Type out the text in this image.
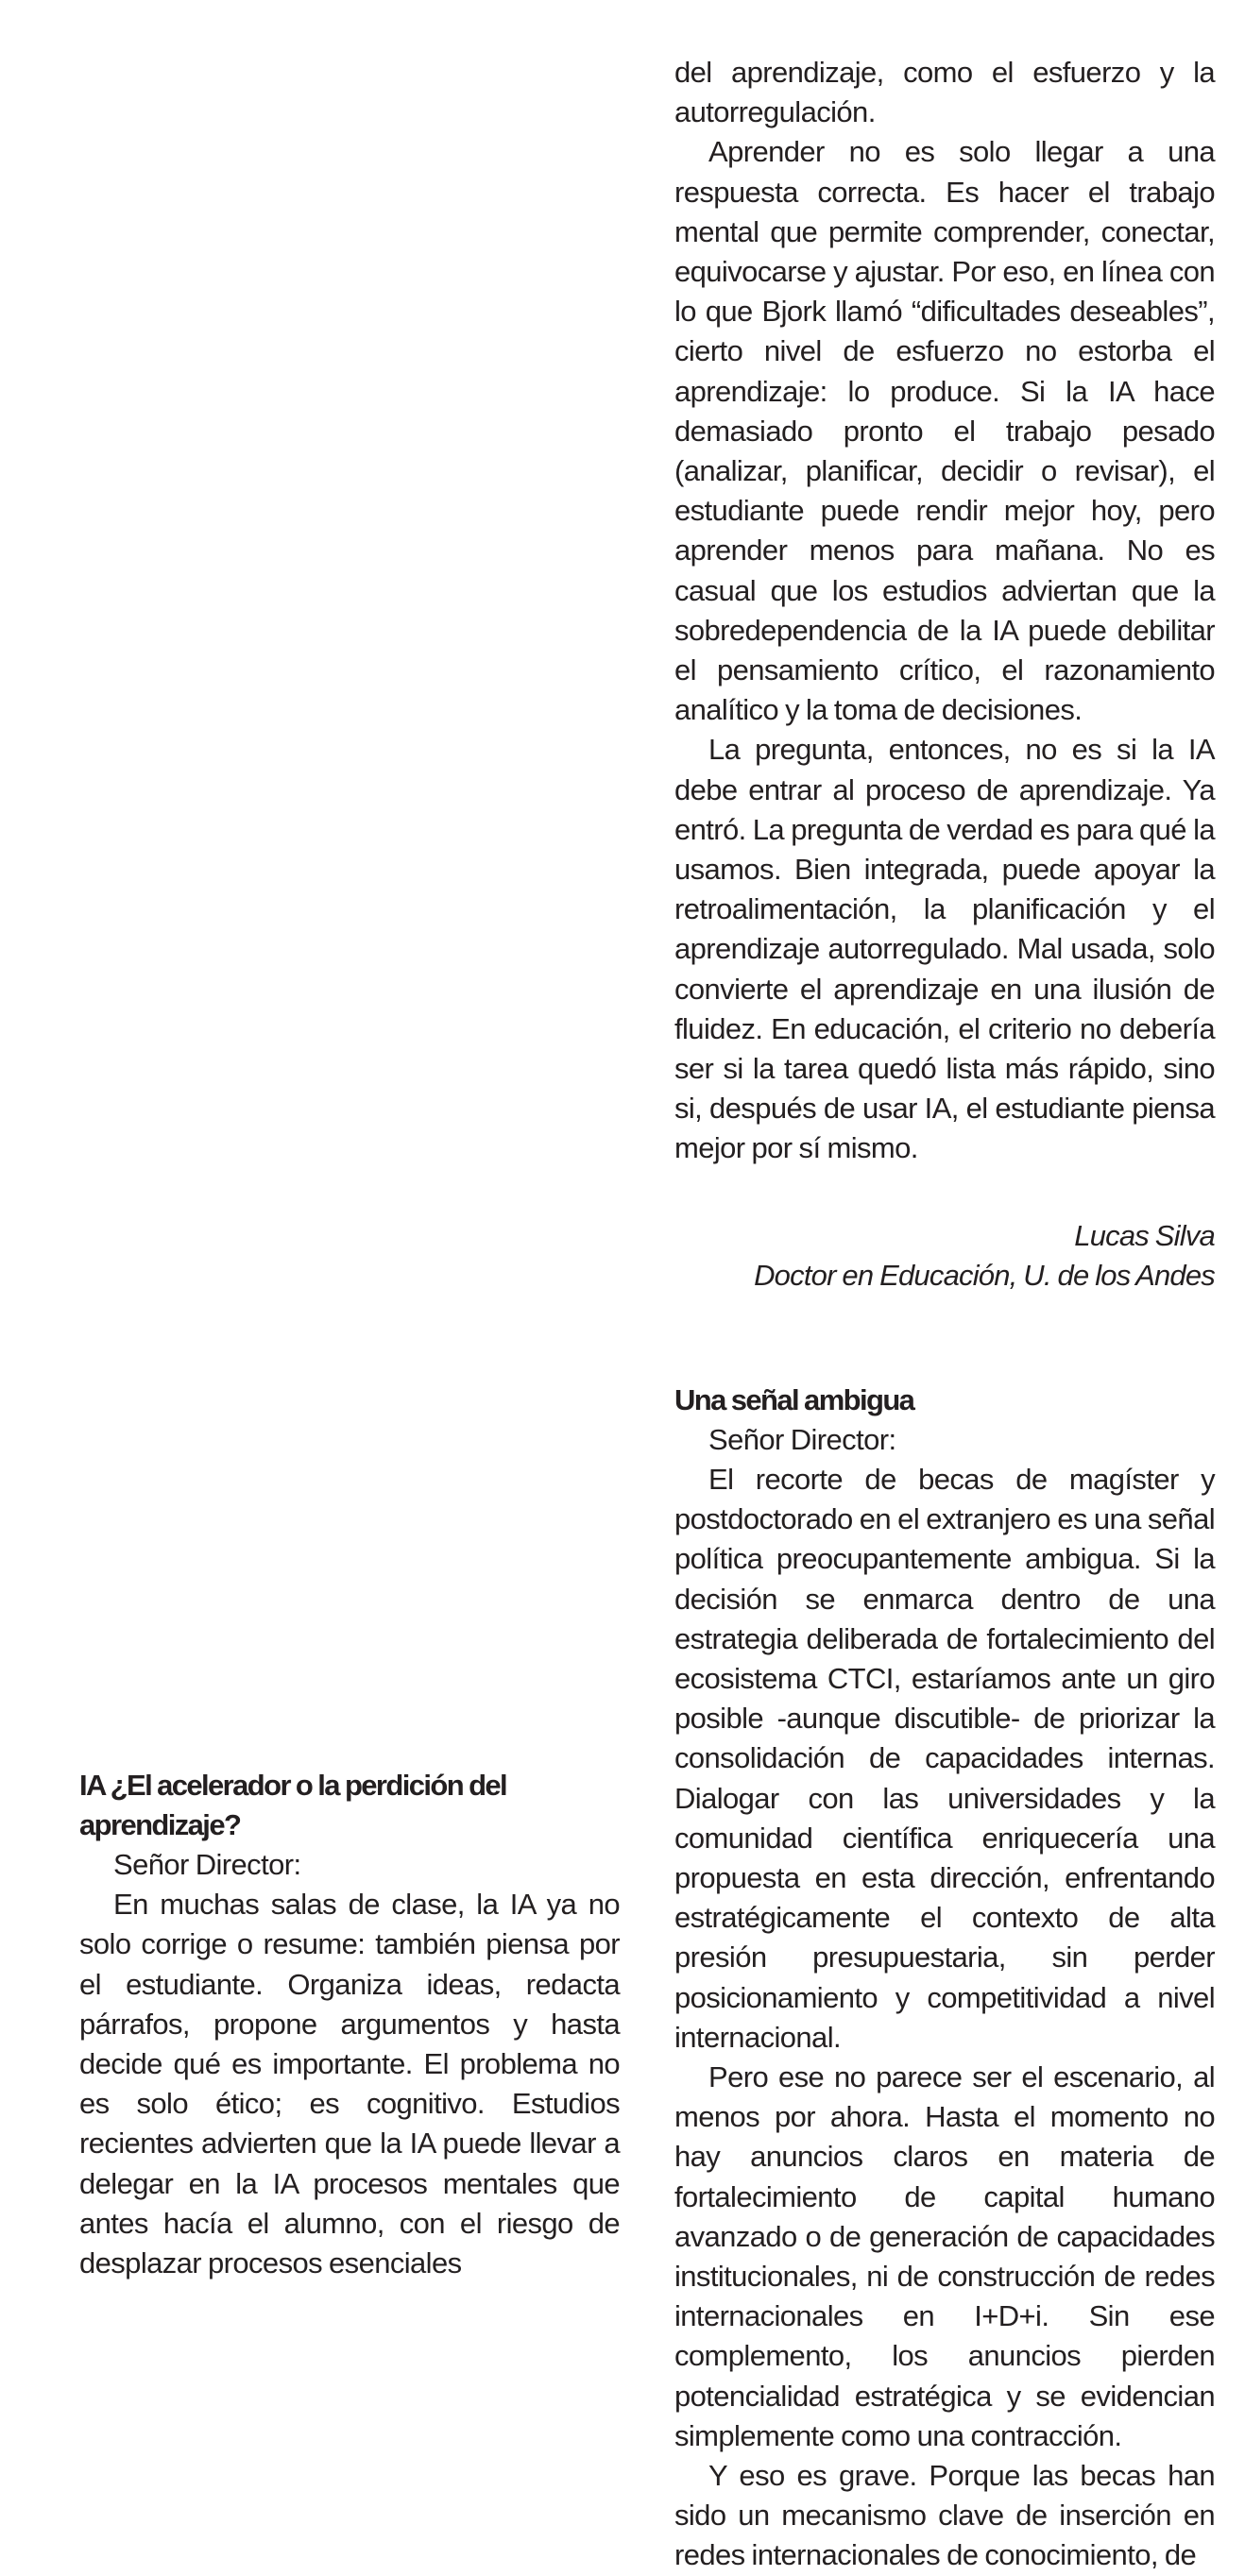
del aprendizaje, como el esfuerzo y la autorregulación.

Aprender no es solo llegar a una respuesta correcta. Es hacer el trabajo mental que permite comprender, conectar, equivocarse y ajustar. Por eso, en línea con lo que Bjork llamó “dificultades deseables”, cierto nivel de esfuerzo no estorba el aprendizaje: lo produce. Si la IA hace demasiado pronto el trabajo pesado (analizar, planificar, decidir o revisar), el estudiante puede rendir mejor hoy, pero aprender menos para mañana. No es casual que los estudios adviertan que la sobredependencia de la IA puede debilitar el pensamiento crítico, el razonamiento analítico y la toma de decisiones.

La pregunta, entonces, no es si la IA debe entrar al proceso de aprendizaje. Ya entró. La pregunta de verdad es para qué la usamos. Bien integrada, puede apoyar la retroalimentación, la planificación y el aprendizaje autorregulado. Mal usada, solo convierte el aprendizaje en una ilusión de fluidez. En educación, el criterio no debería ser si la tarea quedó lista más rápido, sino si, después de usar IA, el estudiante piensa mejor por sí mismo.

Lucas Silva
Doctor en Educación, U. de los Andes
Una señal ambigua

Señor Director:

El recorte de becas de magíster y postdoctorado en el extranjero es una señal política preocupantemente ambigua. Si la decisión se enmarca dentro de una estrategia deliberada de fortalecimiento del ecosistema CTCI, estaríamos ante un giro posible -aunque discutible- de priorizar la consolidación de capacidades internas. Dialogar con las universidades y la comunidad científica enriquecería una propuesta en esta dirección, enfrentando estratégicamente el contexto de alta presión presupuestaria, sin perder posicionamiento y competitividad a nivel internacional.

Pero ese no parece ser el escenario, al menos por ahora. Hasta el momento no hay anuncios claros en materia de fortalecimiento de capital humano avanzado o de generación de capacidades institucionales, ni de construcción de redes internacionales en I+D+i. Sin ese complemento, los anuncios pierden potencialidad estratégica y se evidencian simplemente como una contracción.

Y eso es grave. Porque las becas han sido un mecanismo clave de inserción en redes internacionales de conocimiento, de

IA ¿El acelerador o la perdición del aprendizaje?

Señor Director:

En muchas salas de clase, la IA ya no solo corrige o resume: también piensa por el estudiante. Organiza ideas, redacta párrafos, propone argumentos y hasta decide qué es importante. El problema no es solo ético; es cognitivo. Estudios recientes advierten que la IA puede llevar a delegar en la IA procesos mentales que antes hacía el alumno, con el riesgo de desplazar procesos esenciales
